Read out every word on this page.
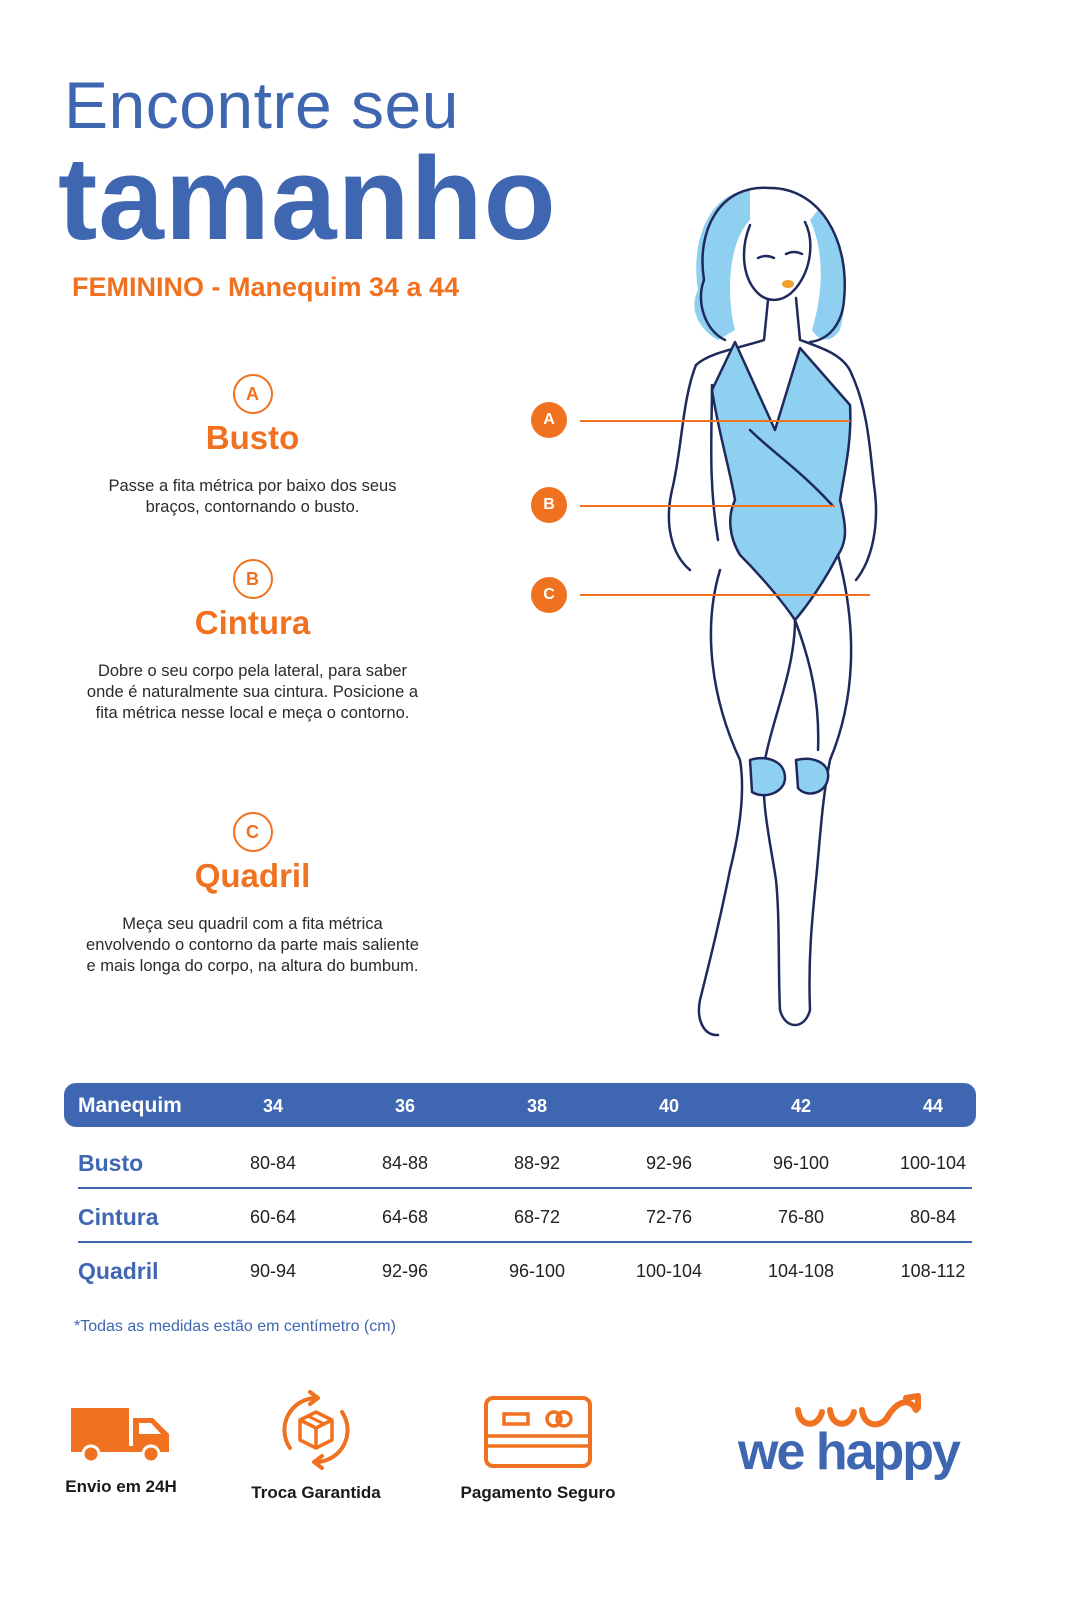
Encontre seu
tamanho
FEMININO - Manequim 34 a 44
A
Busto
Passe a fita métrica por baixo dos seus braços, contornando o busto.
B
Cintura
Dobre o seu corpo pela lateral, para saber onde é naturalmente sua cintura. Posicione a fita métrica nesse local e meça o contorno.
C
Quadril
Meça seu quadril com a fita métrica envolvendo o contorno da parte mais saliente e mais longa do corpo, na altura do bumbum.
A
B
C
Manequim	34	36	38	40	42	44
Busto	80-84	84-88	88-92	92-96	96-100	100-104
Cintura	60-64	64-68	68-72	72-76	76-80	80-84
Quadril	90-94	92-96	96-100	100-104	104-108	108-112
*Todas as medidas estão em centímetro (cm)
Envio em 24H	Troca Garantida	Pagamento Seguro
we happy
